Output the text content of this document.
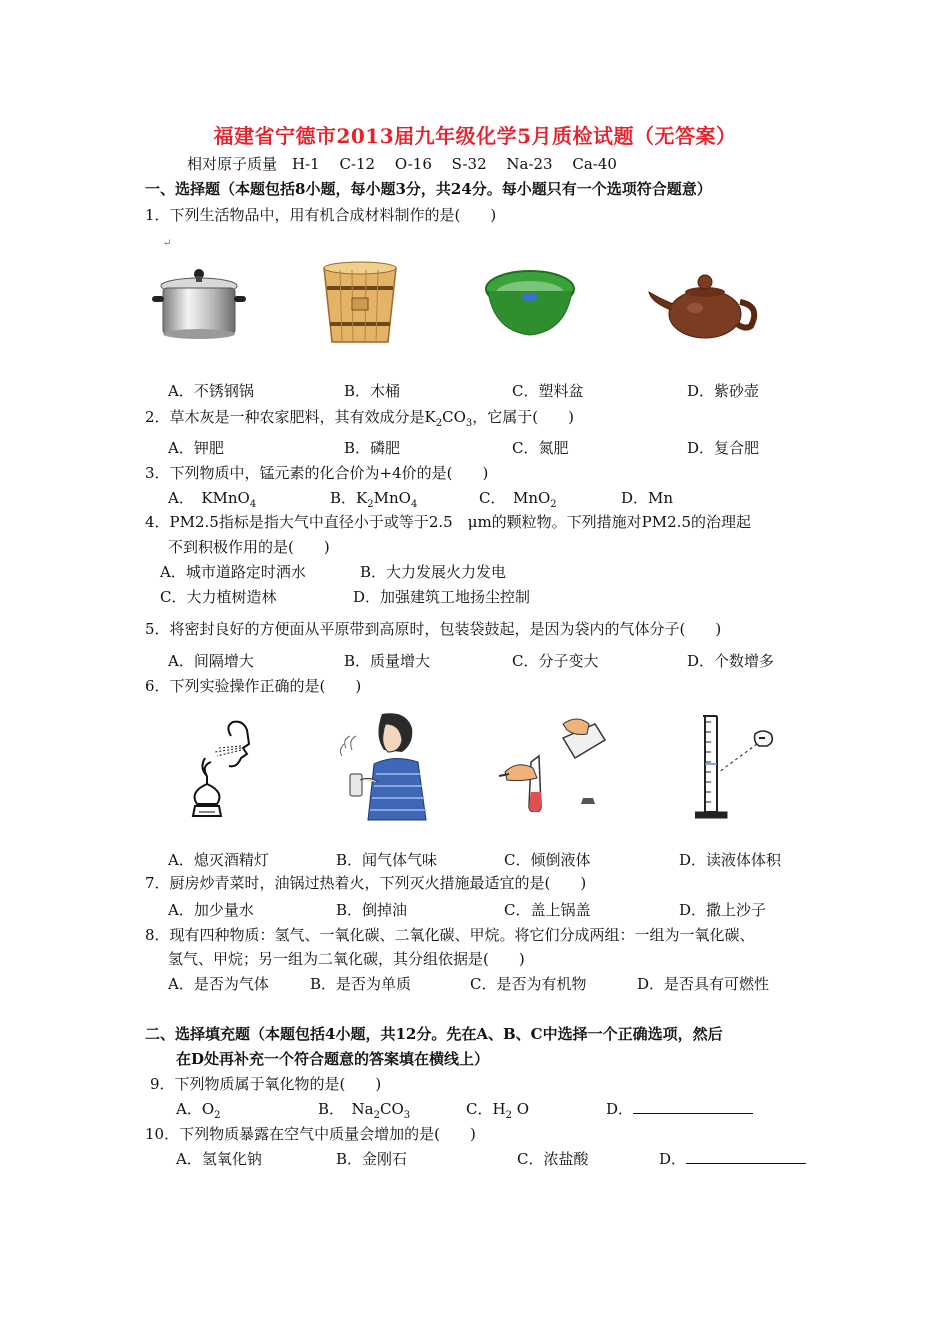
福建省宁德市2013届九年级化学5月质检试题（无答案）
相对原子质量　H-1　 C-12　 O-16　 S-32　 Na-23　 Ca-40
一、选择题（本题包括8小题，每小题3分，共24分。每小题只有一个选项符合题意）
1．下列生活物品中，用有机合成材料制作的是(　　)
↵
A．不锈钢锅	B．木桶	C．塑料盆	D．紫砂壶
2．草木灰是一种农家肥料，其有效成分是$K_2CO_3$，它属于(　　)
A．钾肥	B．磷肥	C．氮肥	D．复合肥
3．下列物质中，锰元素的化合价为+4价的是(　　)
A．　KMnO$_4$	B．$K_2MnO_4$	C．　MnO$_2$	D．Mn
4．PM2.5指标是指大气中直径小于或等于2.5　μm的颗粒物。下列措施对PM2.5的治理起
不到积极作用的是(　　)
A．城市道路定时洒水	B．大力发展火力发电
C．大力植树造林	D．加强建筑工地扬尘控制
5．将密封良好的方便面从平原带到高原时，包装袋鼓起，是因为袋内的气体分子(　　)
A．间隔增大	B．质量增大	C．分子变大	D．个数增多
6．下列实验操作正确的是(　　)
A．熄灭酒精灯	B．闻气体气味	C．倾倒液体	D．读液体体积
7．厨房炒青菜时，油锅过热着火，下列灭火措施最适宜的是(　　)
A．加少量水	B．倒掉油	C．盖上锅盖	D．撒上沙子
8．现有四种物质：氢气、一氧化碳、二氧化碳、甲烷。将它们分成两组：一组为一氧化碳、
氢气、甲烷；另一组为二氧化碳，其分组依据是(　　)
A．是否为气体	B．是否为单质	C．是否为有机物	D．是否具有可燃性
二、选择填充题（本题包括4小题，共12分。先在A、B、C中选择一个正确选项，然后
在D处再补充一个符合题意的答案填在横线上）
9．下列物质属于氧化物的是(　　)
A．$O_2$	B．　$Na_2CO_3$	C．$H_2$ O	D．
10．下列物质暴露在空气中质量会增加的是(　　)
A．氢氧化钠	B．金刚石	C．浓盐酸	D．
